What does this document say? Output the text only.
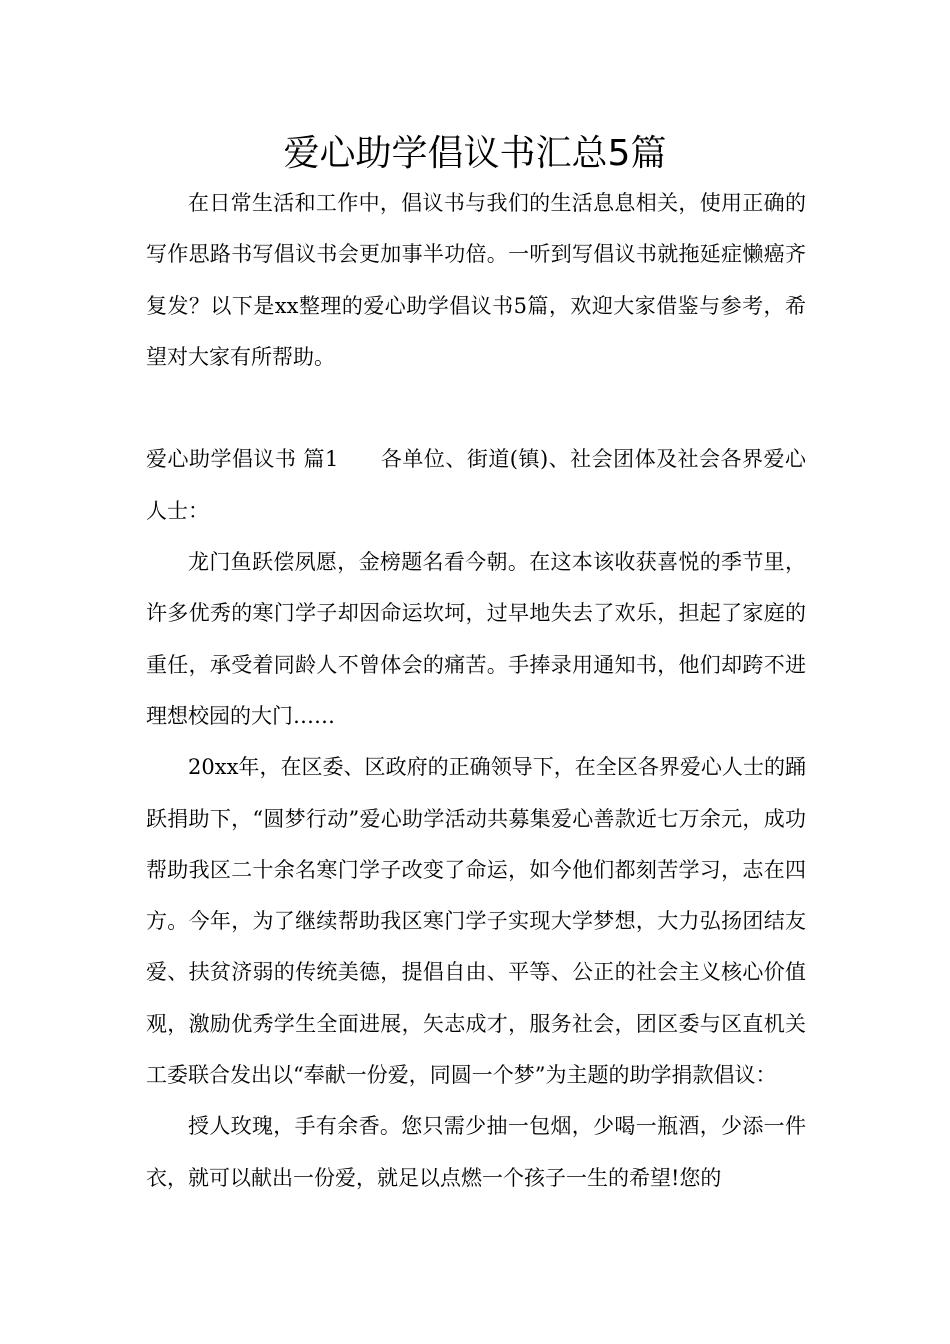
爱心助学倡议书汇总5篇

在日常生活和工作中，倡议书与我们的生活息息相关，使用正确的写作思路书写倡议书会更加事半功倍。一听到写倡议书就拖延症懒癌齐复发？以下是xx整理的爱心助学倡议书5篇，欢迎大家借鉴与参考，希望对大家有所帮助。

爱心助学倡议书 篇1 各单位、街道(镇)、社会团体及社会各界爱心人士：

龙门鱼跃偿夙愿，金榜题名看今朝。在这本该收获喜悦的季节里，许多优秀的寒门学子却因命运坎坷，过早地失去了欢乐，担起了家庭的重任，承受着同龄人不曾体会的痛苦。手捧录用通知书，他们却跨不进理想校园的大门……

20xx年，在区委、区政府的正确领导下，在全区各界爱心人士的踊跃捐助下，“圆梦行动”爱心助学活动共募集爱心善款近七万余元，成功帮助我区二十余名寒门学子改变了命运，如今他们都刻苦学习，志在四方。今年，为了继续帮助我区寒门学子实现大学梦想，大力弘扬团结友爱、扶贫济弱的传统美德，提倡自由、平等、公正的社会主义核心价值观，激励优秀学生全面进展，矢志成才，服务社会，团区委与区直机关工委联合发出以“奉献一份爱，同圆一个梦”为主题的助学捐款倡议：

授人玫瑰，手有余香。您只需少抽一包烟，少喝一瓶酒，少添一件衣，就可以献出一份爱，就足以点燃一个孩子一生的希望!您的
